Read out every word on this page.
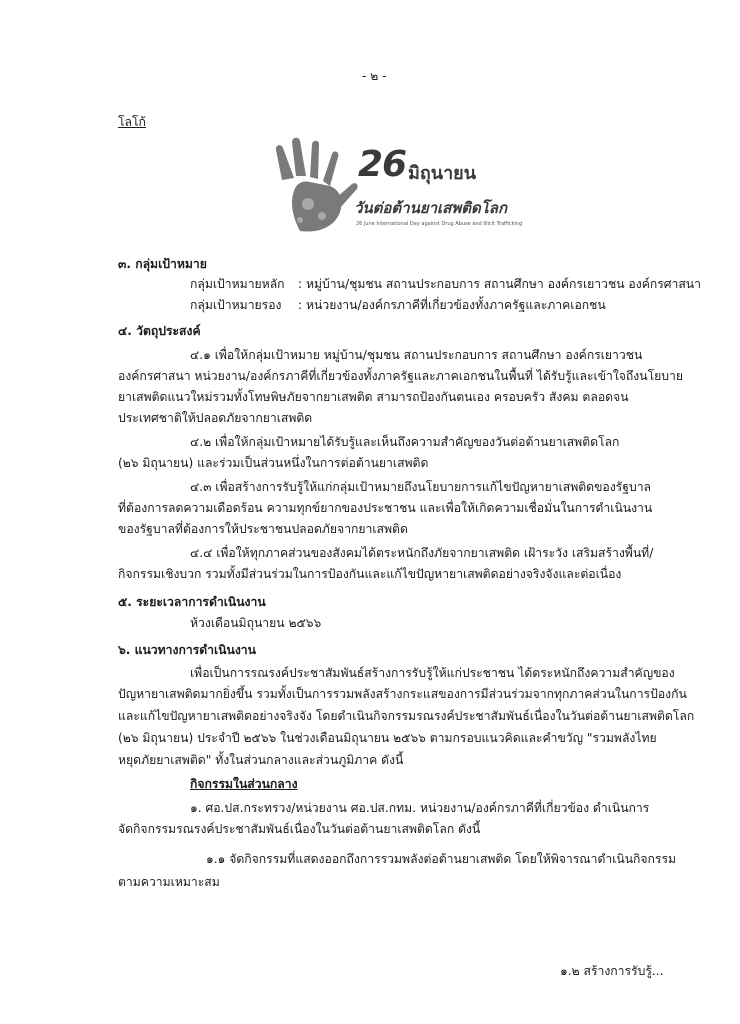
- ๒ -
โลโก้
26 มิถุนายน
วันต่อต้านยาเสพติดโลก
26 June International Day against Drug Abuse and Illicit Trafficking
๓. กลุ่มเป้าหมาย
กลุ่มเป้าหมายหลัก : หมู่บ้าน/ชุมชน สถานประกอบการ สถานศึกษา องค์กรเยาวชน องค์กรศาสนา
กลุ่มเป้าหมายรอง : หน่วยงาน/องค์กรภาคีที่เกี่ยวข้องทั้งภาครัฐและภาคเอกชน
๔. วัตถุประสงค์
๔.๑ เพื่อให้กลุ่มเป้าหมาย หมู่บ้าน/ชุมชน สถานประกอบการ สถานศึกษา องค์กรเยาวชน
องค์กรศาสนา หน่วยงาน/องค์กรภาคีที่เกี่ยวข้องทั้งภาครัฐและภาคเอกชนในพื้นที่ ได้รับรู้และเข้าใจถึงนโยบาย
ยาเสพติดแนวใหม่รวมทั้งโทษพิษภัยจากยาเสพติด สามารถป้องกันตนเอง ครอบครัว สังคม ตลอดจน
ประเทศชาติให้ปลอดภัยจากยาเสพติด
๔.๒ เพื่อให้กลุ่มเป้าหมายได้รับรู้และเห็นถึงความสำคัญของวันต่อต้านยาเสพติดโลก
(๒๖ มิถุนายน) และร่วมเป็นส่วนหนึ่งในการต่อต้านยาเสพติด
๔.๓ เพื่อสร้างการรับรู้ให้แก่กลุ่มเป้าหมายถึงนโยบายการแก้ไขปัญหายาเสพติดของรัฐบาล
ที่ต้องการลดความเดือดร้อน ความทุกข์ยากของประชาชน และเพื่อให้เกิดความเชื่อมั่นในการดำเนินงาน
ของรัฐบาลที่ต้องการให้ประชาชนปลอดภัยจากยาเสพติด
๔.๔ เพื่อให้ทุกภาคส่วนของสังคมได้ตระหนักถึงภัยจากยาเสพติด เฝ้าระวัง เสริมสร้างพื้นที่/
กิจกรรมเชิงบวก รวมทั้งมีส่วนร่วมในการป้องกันและแก้ไขปัญหายาเสพติดอย่างจริงจังและต่อเนื่อง
๕. ระยะเวลาการดำเนินงาน
ห้วงเดือนมิถุนายน ๒๕๖๖
๖. แนวทางการดำเนินงาน
เพื่อเป็นการรณรงค์ประชาสัมพันธ์สร้างการรับรู้ให้แก่ประชาชน ได้ตระหนักถึงความสำคัญของ
ปัญหายาเสพติดมากยิ่งขึ้น รวมทั้งเป็นการรวมพลังสร้างกระแสของการมีส่วนร่วมจากทุกภาคส่วนในการป้องกัน
และแก้ไขปัญหายาเสพติดอย่างจริงจัง โดยดำเนินกิจกรรมรณรงค์ประชาสัมพันธ์เนื่องในวันต่อต้านยาเสพติดโลก
(๒๖ มิถุนายน) ประจำปี ๒๕๖๖ ในช่วงเดือนมิถุนายน ๒๕๖๖ ตามกรอบแนวคิดและคำขวัญ "รวมพลังไทย
หยุดภัยยาเสพติด" ทั้งในส่วนกลางและส่วนภูมิภาค ดังนี้
กิจกรรมในส่วนกลาง
๑. ศอ.ปส.กระทรวง/หน่วยงาน ศอ.ปส.กทม. หน่วยงาน/องค์กรภาคีที่เกี่ยวข้อง ดำเนินการ
จัดกิจกรรมรณรงค์ประชาสัมพันธ์เนื่องในวันต่อต้านยาเสพติดโลก ดังนี้
๑.๑ จัดกิจกรรมที่แสดงออกถึงการรวมพลังต่อต้านยาเสพติด โดยให้พิจารณาดำเนินกิจกรรม
ตามความเหมาะสม
๑.๒ สร้างการรับรู้...
